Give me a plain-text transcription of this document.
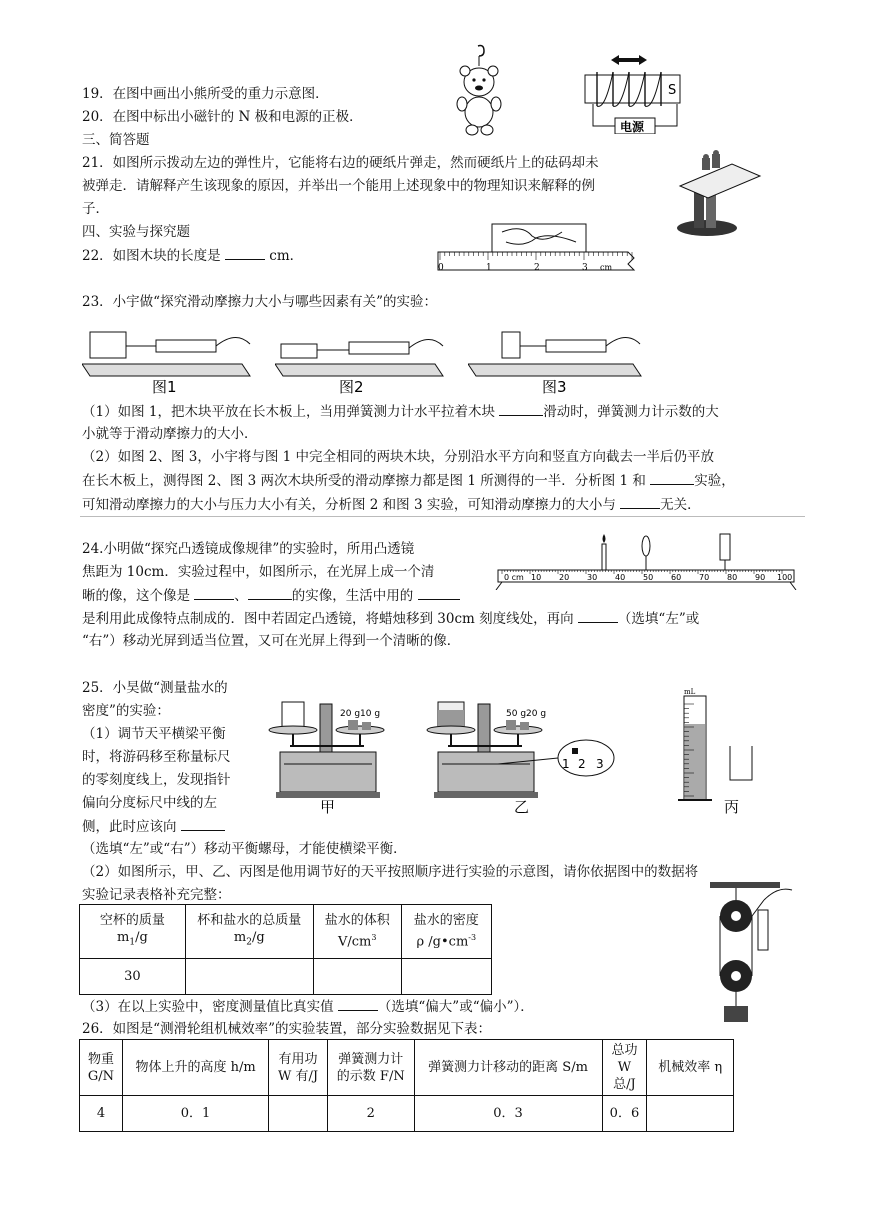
19．在图中画出小熊所受的重力示意图．
20．在图中标出小磁针的 N 极和电源的正极．
三、简答题
S
电源
21．如图所示拨动左边的弹性片，它能将右边的硬纸片弹走，然而硬纸片上的砝码却未
被弹走．请解释产生该现象的原因，并举出一个能用上述现象中的物理知识来解释的例
子．
四、实验与探究题
22．如图木块的长度是	cm．
0	1	2	3 cm
23．小宇做“探究滑动摩擦力大小与哪些因素有关”的实验：
图1	图2	图3
（1）如图 1，把木块平放在长木板上，当用弹簧测力计水平拉着木块	滑动时，弹簧测力计示数的大
小就等于滑动摩擦力的大小．
（2）如图 2、图 3，小宇将与图 1 中完全相同的两块木块，分别沿水平方向和竖直方向截去一半后仍平放
在长木板上，测得图 2、图 3 两次木块所受的滑动摩擦力都是图 1 所测得的一半．分析图 1 和	实验，
可知滑动摩擦力的大小与压力大小有关，分析图 2 和图 3 实验，可知滑动摩擦力的大小与	无关．
24.小明做“探究凸透镜成像规律”的实验时，所用凸透镜
焦距为 10cm．实验过程中，如图所示，在光屏上成一个清
晰的像，这个像是	、	的实像，生活中用的
是利用此成像特点制成的．图中若固定凸透镜，将蜡烛移到 30cm 刻度线处，再向	（选填“左”或
“右”）移动光屏到适当位置，又可在光屏上得到一个清晰的像．
0 cm 10 20 30 40 50 60 70 80 90 100
25．小昊做“测量盐水的
密度”的实验：
（1）调节天平横梁平衡
时，将游码移至称量标尺
的零刻度线上，发现指针
偏向分度标尺中线的左
侧，此时应该向
（选填“左”或“右”）移动平衡螺母，才能使横梁平衡．
（2）如图所示，甲、乙、丙图是他用调节好的天平按照顺序进行实验的示意图，请你依据图中的数据将
实验记录表格补充完整：
20 g10 g
甲
50 g20 g
1 2 3
乙
mL
丙
空杯的质量
$m_1/g$	杯和盐水的总质量
$m_2/g$	盐水的体积
$V/cm^3$	盐水的密度
ρ $/g•cm^{-3}$
30			
（3）在以上实验中，密度测量值比真实值	（选填“偏大”或“偏小”）．
26．如图是“测滑轮组机械效率”的实验装置，部分实验数据见下表：
物重
G/N	物体上升的高度 h/m	有用功
W 有/J	弹簧测力计
的示数 F/N	弹簧测力计移动的距离 S/m	总功
W 总/J	机械效率 η
4	0．1		2	0．3	0．6	
